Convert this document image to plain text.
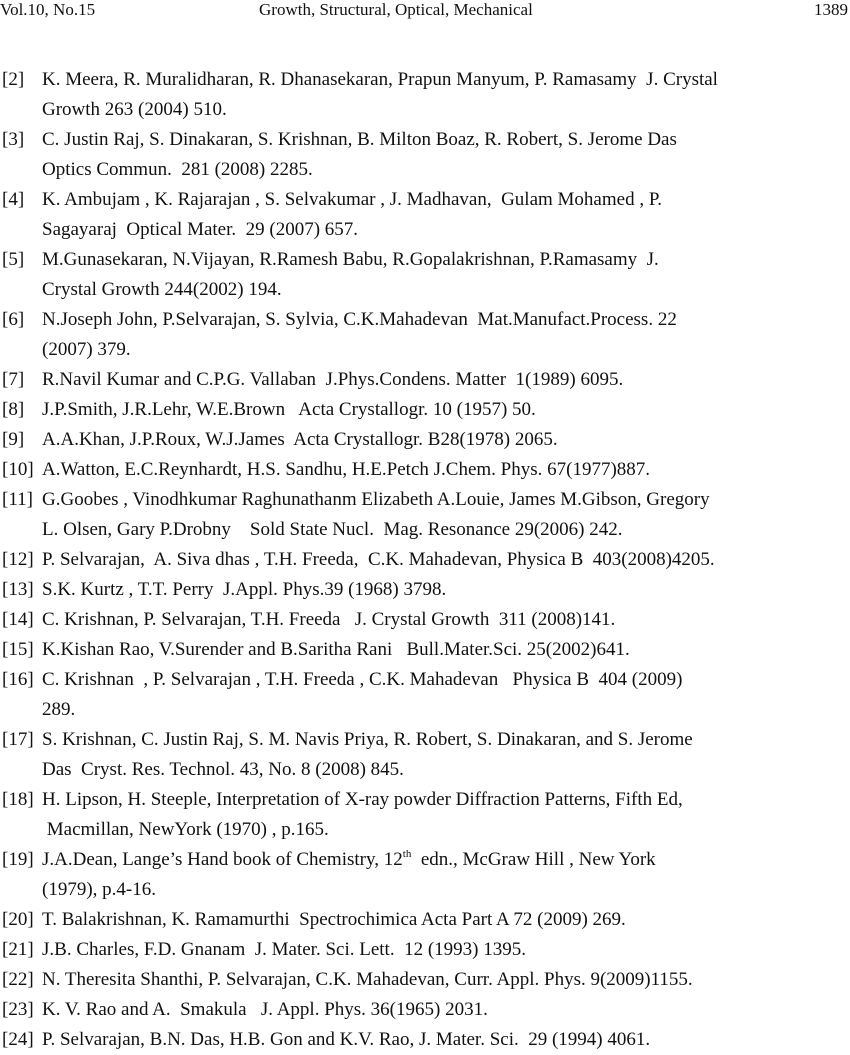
Vol.10, No.15	Growth, Structural, Optical, Mechanical	1389
[2] K. Meera, R. Muralidharan, R. Dhanasekaran, Prapun Manyum, P. Ramasamy  J. Crystal
Growth 263 (2004) 510.
[3] C. Justin Raj, S. Dinakaran, S. Krishnan, B. Milton Boaz, R. Robert, S. Jerome Das
Optics Commun.  281 (2008) 2285.
[4] K. Ambujam , K. Rajarajan , S. Selvakumar , J. Madhavan,  Gulam Mohamed , P.
Sagayaraj  Optical Mater.  29 (2007) 657.
[5] M.Gunasekaran, N.Vijayan, R.Ramesh Babu, R.Gopalakrishnan, P.Ramasamy  J.
Crystal Growth 244(2002) 194.
[6] N.Joseph John, P.Selvarajan, S. Sylvia, C.K.Mahadevan  Mat.Manufact.Process. 22
(2007) 379.
[7] R.Navil Kumar and C.P.G. Vallaban  J.Phys.Condens. Matter  1(1989) 6095.
[8] J.P.Smith, J.R.Lehr, W.E.Brown   Acta Crystallogr. 10 (1957) 50.
[9] A.A.Khan, J.P.Roux, W.J.James  Acta Crystallogr. B28(1978) 2065.
[10] A.Watton, E.C.Reynhardt, H.S. Sandhu, H.E.Petch J.Chem. Phys. 67(1977)887.
[11] G.Goobes , Vinodhkumar Raghunathanm Elizabeth A.Louie, James M.Gibson, Gregory
L. Olsen, Gary P.Drobny    Sold State Nucl.  Mag. Resonance 29(2006) 242.
[12] P. Selvarajan,  A. Siva dhas , T.H. Freeda,  C.K. Mahadevan, Physica B  403(2008)4205.
[13] S.K. Kurtz , T.T. Perry  J.Appl. Phys.39 (1968) 3798.
[14] C. Krishnan, P. Selvarajan, T.H. Freeda   J. Crystal Growth  311 (2008)141.
[15] K.Kishan Rao, V.Surender and B.Saritha Rani   Bull.Mater.Sci. 25(2002)641.
[16] C. Krishnan  , P. Selvarajan , T.H. Freeda , C.K. Mahadevan   Physica B  404 (2009)
289.
[17] S. Krishnan, C. Justin Raj, S. M. Navis Priya, R. Robert, S. Dinakaran, and S. Jerome
Das  Cryst. Res. Technol. 43, No. 8 (2008) 845.
[18] H. Lipson, H. Steeple, Interpretation of X-ray powder Diffraction Patterns, Fifth Ed,
Macmillan, NewYork (1970) , p.165.
[19] J.A.Dean, Lange’s Hand book of Chemistry, 12th  edn., McGraw Hill , New York
(1979), p.4-16.
[20] T. Balakrishnan, K. Ramamurthi  Spectrochimica Acta Part A 72 (2009) 269.
[21] J.B. Charles, F.D. Gnanam  J. Mater. Sci. Lett.  12 (1993) 1395.
[22] N. Theresita Shanthi, P. Selvarajan, C.K. Mahadevan, Curr. Appl. Phys. 9(2009)1155.
[23] K. V. Rao and A.  Smakula   J. Appl. Phys. 36(1965) 2031.
[24] P. Selvarajan, B.N. Das, H.B. Gon and K.V. Rao, J. Mater. Sci.  29 (1994) 4061.
